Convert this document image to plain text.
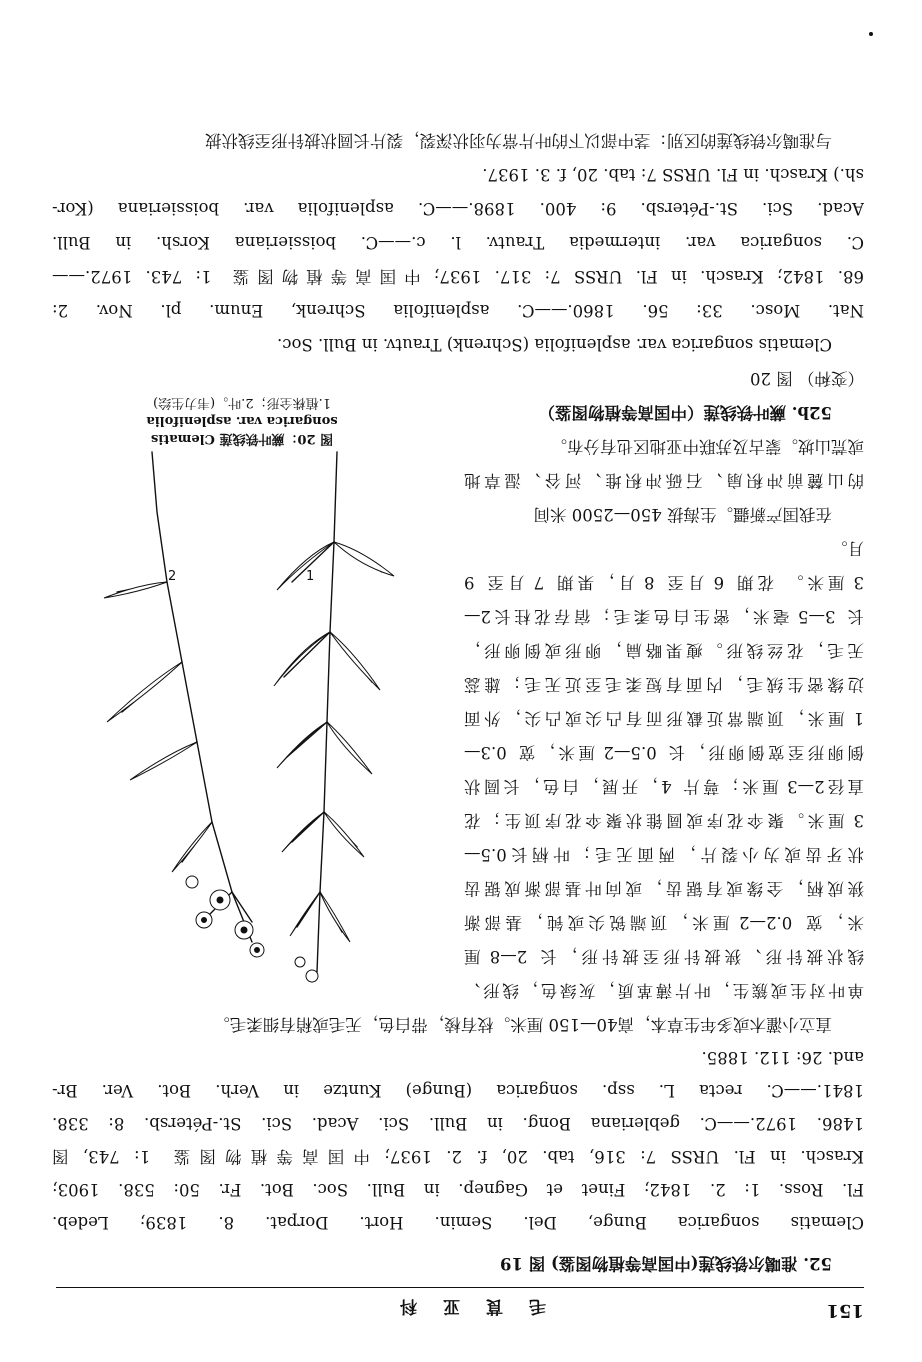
151
毛茛亚科
52. 准噶尔铁线莲(中国高等植物图鉴) 图 19
Clematis songarica Bunge, Del. Semin. Hort. Dorpat. 8. 1839; Ledeb.
Fl. Ross. 1: 2. 1842; Finet et Gagnep. in Bull. Soc. Bot. Fr. 50: 538. 1903;
Krasch. in Fl. URSS 7: 316, tab. 20, f. 2. 1937; 中国高等植物图鉴 1: 743, 图
1486. 1972.——C. gebleriana Bong. in Bull. Sci. Acad. Sci. St.-Pétersb. 8: 338.
1841.——C. recta L. ssp. songarica (Bunge) Kuntze in Verh. Bot. Ver. Br-
and. 26: 112. 1885.
直立小灌木或多年生草本，高40—150 厘米。枝有棱，带白色，无毛或稍有细柔毛。
单叶对生或簇生，叶片薄革质，灰绿色，线形、
线状披针形、狭披针形至披针形，长 2—8 厘
米，宽 0.2—2 厘米，顶端锐尖或钝，基部渐
狭成柄，全缘或有锯齿，或向叶基部渐成锯齿
状牙齿或为小裂片，两面无毛；叶柄长0.5—
3 厘米。聚伞花序或圆锥状聚伞花序顶生；花
直径2—3 厘米；萼片 4，开展，白色，长圆状
倒卵形至宽倒卵形，长 0.5—2 厘米，宽 0.3—
1 厘米，顶端常近截形而有凸尖或凸尖，外面
边缘密生绒毛，内面有短柔毛至近无毛；雄蕊
无毛，花丝线形。瘦果略扁，卵形或倒卵形，
长 3—5 毫米，密生白色柔毛；宿存花柱长2—
3 厘米。 花期 6 月至 8 月，果期 7 月至 9
月。
在我国产新疆。生海拔 450—2500 米间
的山麓前冲积扇、石砾冲积堆、河谷、湿草地
或荒山坡。蒙古及苏联中亚地区也有分布。
52b. 蕨叶铁线莲（中国高等植物图鉴）
（变种） 图 20
Clematis songarica var. asplenifolia (Schrenk) Trautv. in Bull. Soc.
Nat. Mosc. 33: 56. 1860.——C. asplenifolia Schrenk, Enum. pl. Nov. 2:
68. 1842; Krasch. in Fl. URSS 7: 317. 1937; 中国高等植物图鉴 1: 743. 1972.——
C. songarica var. intermedia Trautv. l. c.——C. boissieriana Korsh. in Bull.
Acad. Sci. St.-Pétersb. 9: 400. 1898.——C. asplenifolia var. boissieriana (Kor-
sh.) Krasch. in Fl. URSS 7: tab. 20, f. 3. 1937.
与准噶尔铁线莲的区别：茎中部以下的叶片常为羽状深裂，裂片长圆状披针形至线状披
1
2
图 20：蕨叶铁线莲 Clematis
songarica var. asplenifolia
1.植株全形；2.叶。(韦力生绘)
